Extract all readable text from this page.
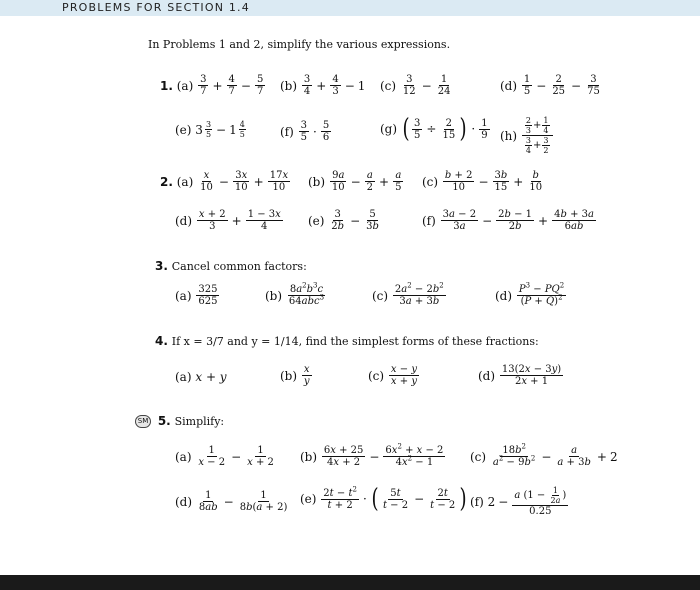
PROBLEMS FOR SECTION 1.4
In Problems 1 and 2, simplify the various expressions.
1.
(a)
3
$7 + \frac{4}{7} - \frac{5}{7} (b)$
3
$4 + \frac{4}{3} - 1$ (c)
3
$12 - \frac{1}{24}$	(d)
1
$5 - \frac{2}{25} - \frac{3}{75}$
(e)
3 3
5 − 1 4
5	(f)
3
5 · 5
6
(g)
( $\frac{3}{5} \div \frac{2}{15}$ ) · 1
9 (h)

$\frac{2}{3} + \frac{1}{4}$
$\frac{3}{4} + \frac{3}{2}$
2.
(a)
x
$10 - \frac{3x}{10} + \frac{17x}{10} (b)$
9a
$10 - \frac{a}{2} + \frac{a}{5} (c)$
b + 2
$10 - \frac{3b}{15} + \frac{b}{10}$
(d)
x + 2
$3 + \frac{1 - 3x}{4} (e)$
3
$2b - \frac{5}{3b}$	(f)
3a − 2
$3a - \frac{2b - 1}{2b} + \frac{4b + 3a}{6ab}$
3. Cancel common factors:
(a)
325
625	(b)
$8a^2b^3c$
64abc$^3$	(c)
$2a^2 - 2b^2$
3a + 3b	(d)
$P^3 - PQ^2$
$(P + Q)^2$
4. If x = 3/7 and y = 1/14, find the simplest forms of these fractions:
(a)
x + y	(b)
x
y	(c)
x − y
x + y	(d)
13(2x − 3y)
2x + 1
SM 5. Simplify:
(a)
1
$x - 2 - \frac{1}{x + 2} (b)$
6x + 25
$4x + 2 - \frac{6x^2 + x - 2}{4x^2 - 1} (c)$
$18b^2$
$a^2 - 9b^2 - \frac{a}{a + 3b} + 2$
(d)
1
$8ab - \frac{1}{8b(a + 2)} (e)$
$2t - t^2$
t + 2 · ( 5t
$t - 2 - \frac{2t}{t - 2}$ ) (f)
$2 - \frac{a (1 - \frac{1}{2a} )}{0.25}$
